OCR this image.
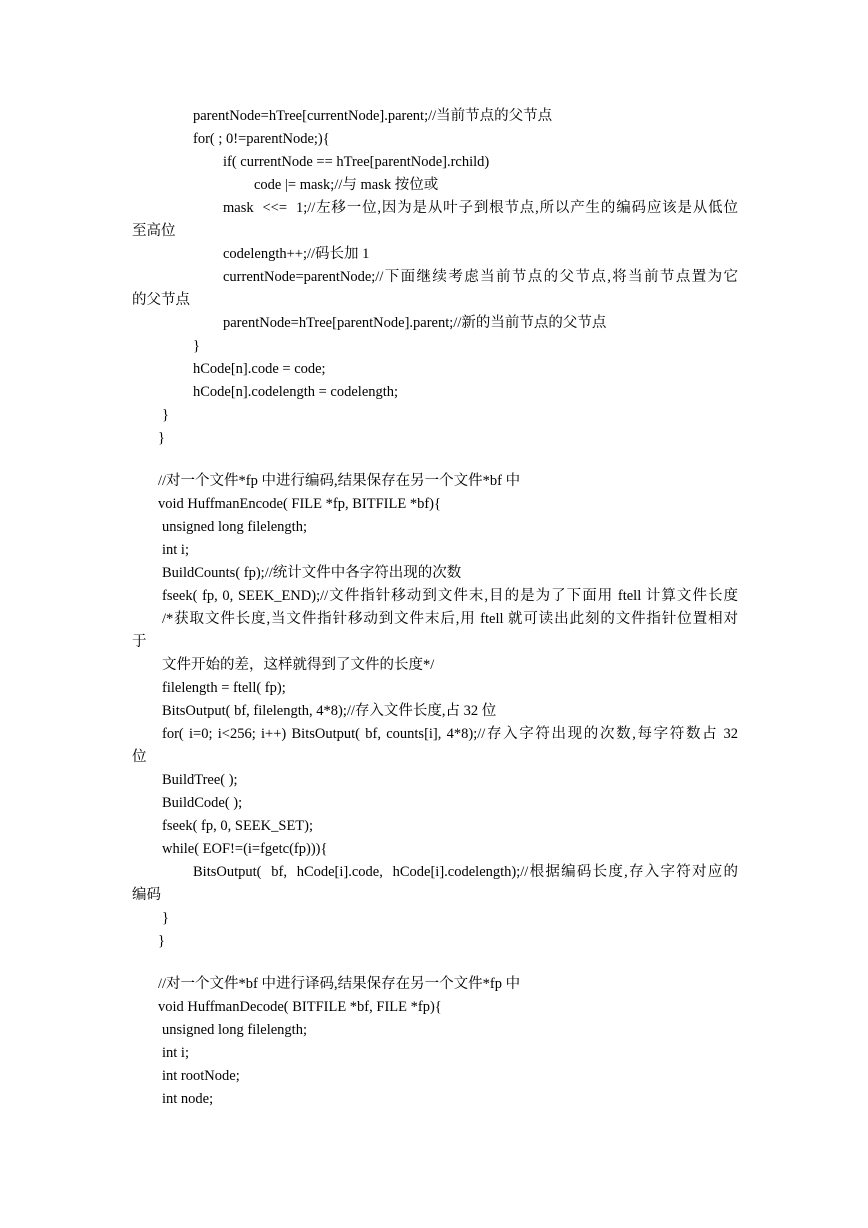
parentNode=hTree[currentNode].parent;//当前节点的父节点
for( ; 0!=parentNode;){
if( currentNode == hTree[parentNode].rchild)
code |= mask;//与 mask 按位或
mask  <<=  1;//左移一位,因为是从叶子到根节点,所以产生的编码应该是从低位
至高位
codelength++;//码长加 1
currentNode=parentNode;//下面继续考虑当前节点的父节点,将当前节点置为它
的父节点
parentNode=hTree[parentNode].parent;//新的当前节点的父节点
}
hCode[n].code = code;
hCode[n].codelength = codelength;
}
}
//对一个文件*fp 中进行编码,结果保存在另一个文件*bf 中
void HuffmanEncode( FILE *fp, BITFILE *bf){
unsigned long filelength;
int i;
BuildCounts( fp);//统计文件中各字符出现的次数
fseek( fp, 0, SEEK_END);//文件指针移动到文件末,目的是为了下面用 ftell 计算文件长度
/*获取文件长度,当文件指针移动到文件末后,用 ftell 就可读出此刻的文件指针位置相对
于
文件开始的差，这样就得到了文件的长度*/
filelength = ftell( fp);
BitsOutput( bf, filelength, 4*8);//存入文件长度,占 32 位
for( i=0; i<256; i++) BitsOutput( bf, counts[i], 4*8);//存入字符出现的次数,每字符数占 32
位
BuildTree( );
BuildCode( );
fseek( fp, 0, SEEK_SET);
while( EOF!=(i=fgetc(fp))){
BitsOutput(  bf,  hCode[i].code,  hCode[i].codelength);//根据编码长度,存入字符对应的
编码
}
}
//对一个文件*bf 中进行译码,结果保存在另一个文件*fp 中
void HuffmanDecode( BITFILE *bf, FILE *fp){
unsigned long filelength;
int i;
int rootNode;
int node;
